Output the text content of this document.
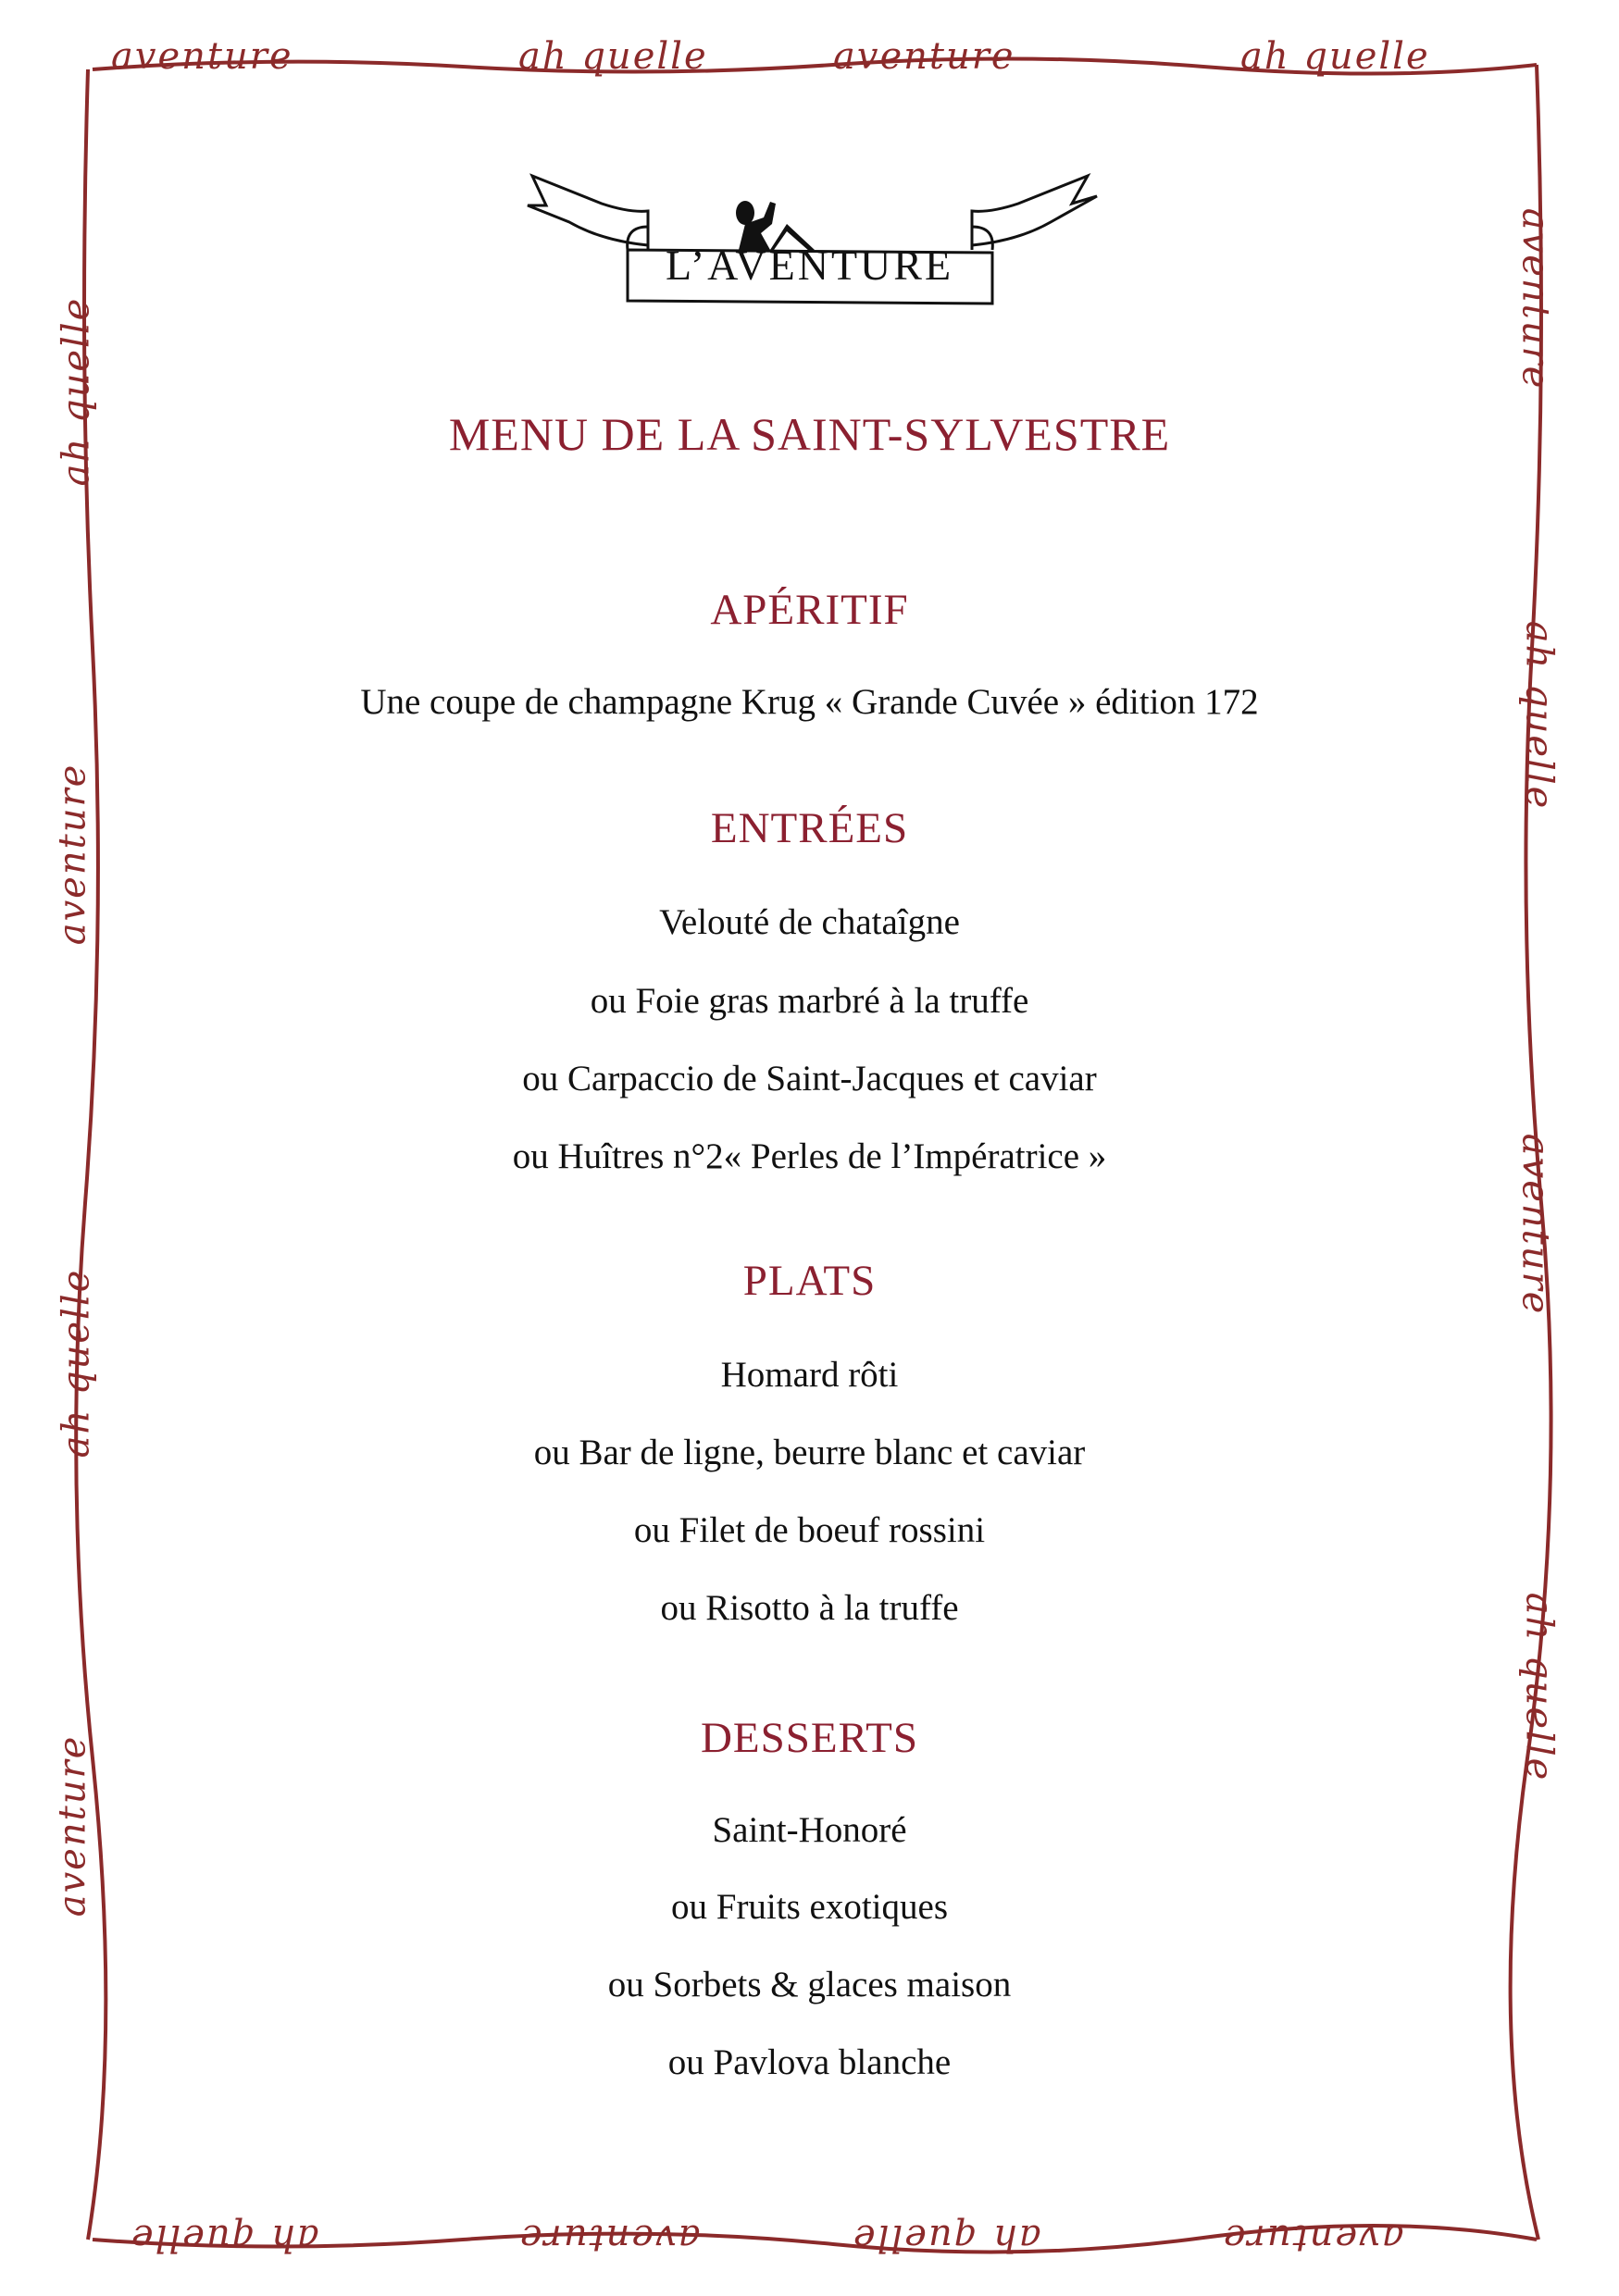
aventure	ah quelle	aventure	ah quelle
ah quelle	aventure	ah quelle	aventure
ah quelle
aventure
ah quelle
aventure
aventure
ah quelle
aventure
ah quelle
L’AVENTURE
MENU DE LA SAINT-SYLVESTRE
APÉRITIF
Une coupe de champagne Krug « Grande Cuvée » édition 172
ENTRÉES
Velouté de chataîgne
ou Foie gras marbré à la truffe
ou Carpaccio de Saint-Jacques et caviar
ou Huîtres n°2« Perles de l’Impératrice »
PLATS
Homard rôti
ou Bar de ligne, beurre blanc et caviar
ou Filet de boeuf rossini
ou Risotto à la truffe
DESSERTS
Saint-Honoré
ou Fruits exotiques
ou Sorbets & glaces maison
ou Pavlova blanche
